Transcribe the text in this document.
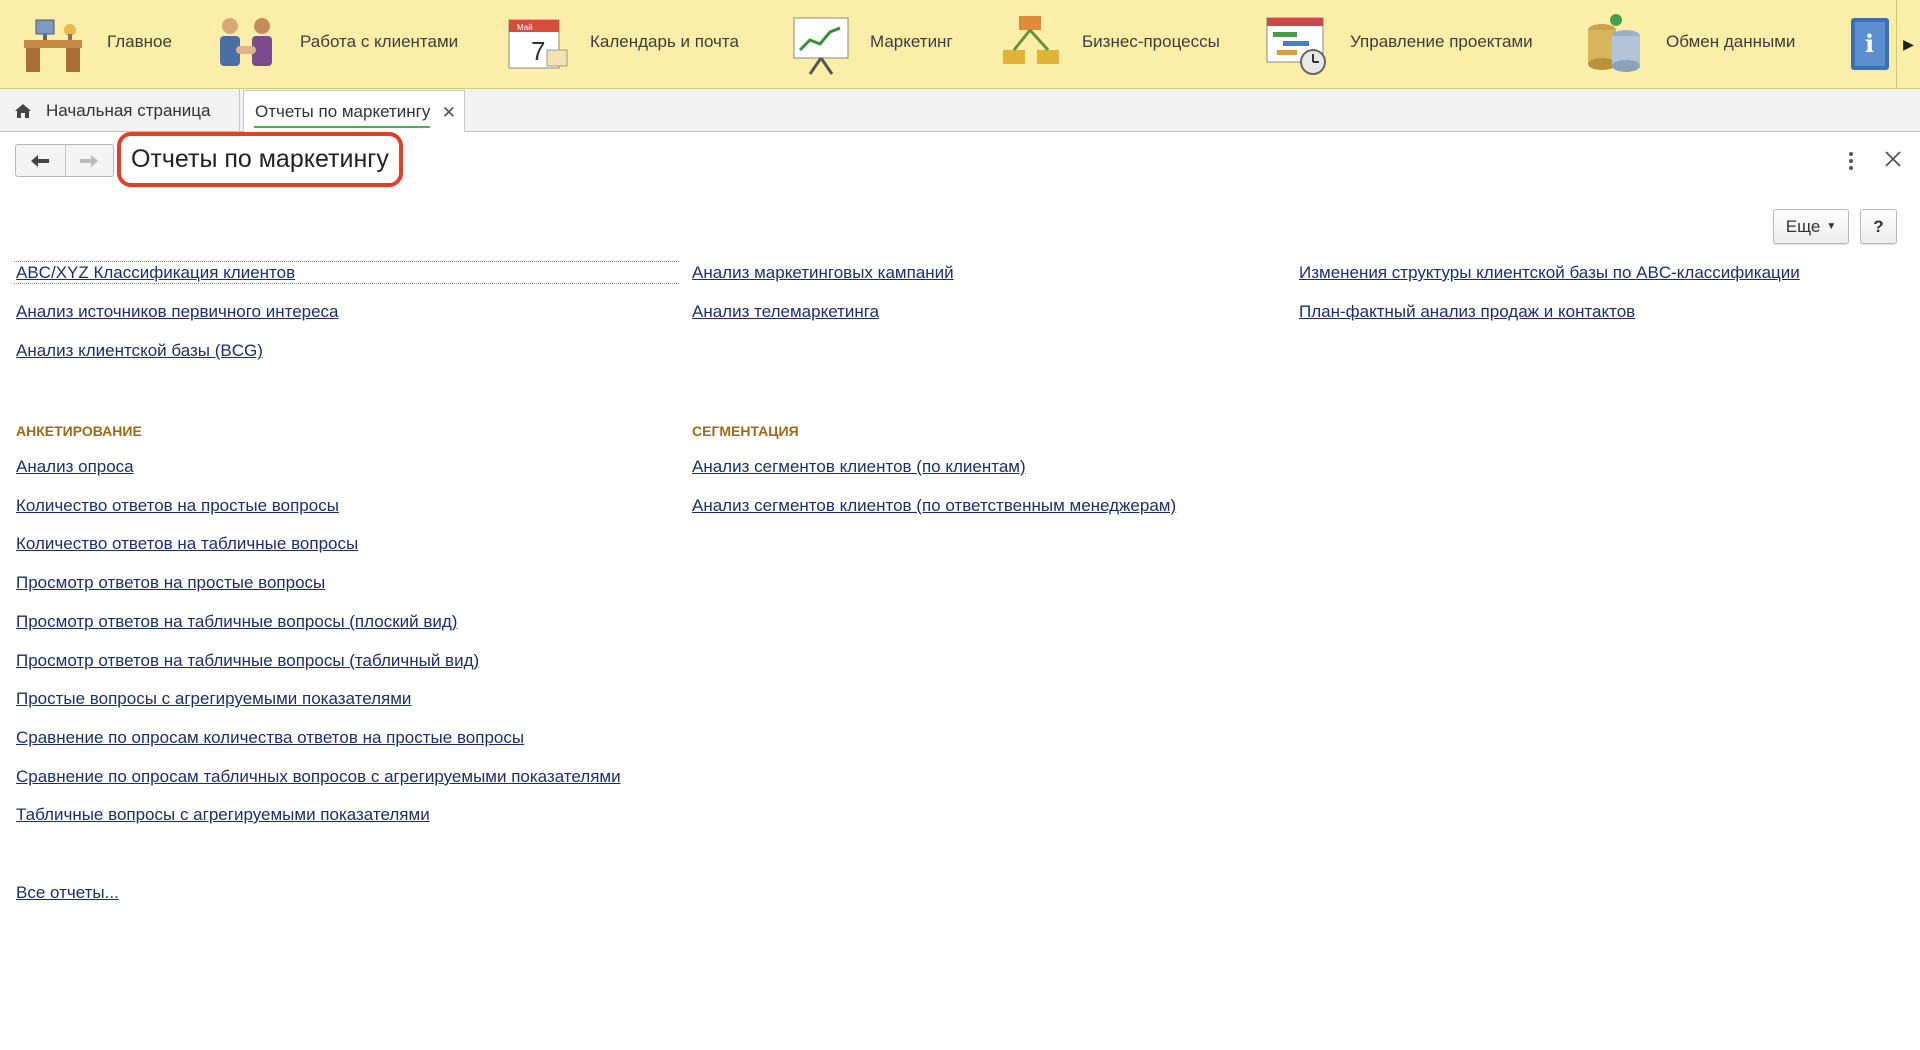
Главное	Работа с клиентами
Май
7	Календарь и почта	Маркетинг	Бизнес-процессы	Управление проектами	Обмен данными	i ▶
Начальная страница	Отчеты по маркетингу ✕
Отчеты по маркетингу
Еще ▼ ?
ABC/XYZ Классификация клиентов
Анализ источников первичного интереса
Анализ клиентской базы (BCG)
Анализ маркетинговых кампаний
Анализ телемаркетинга
Изменения структуры клиентской базы по ABC-классификации
План-фактный анализ продаж и контактов
АНКЕТИРОВАНИЕ
Анализ опроса
Количество ответов на простые вопросы
Количество ответов на табличные вопросы
Просмотр ответов на простые вопросы
Просмотр ответов на табличные вопросы (плоский вид)
Просмотр ответов на табличные вопросы (табличный вид)
Простые вопросы с агрегируемыми показателями
Сравнение по опросам количества ответов на простые вопросы
Сравнение по опросам табличных вопросов с агрегируемыми показателями
Табличные вопросы с агрегируемыми показателями
СЕГМЕНТАЦИЯ
Анализ сегментов клиентов (по клиентам)
Анализ сегментов клиентов (по ответственным менеджерам)
Все отчеты...
